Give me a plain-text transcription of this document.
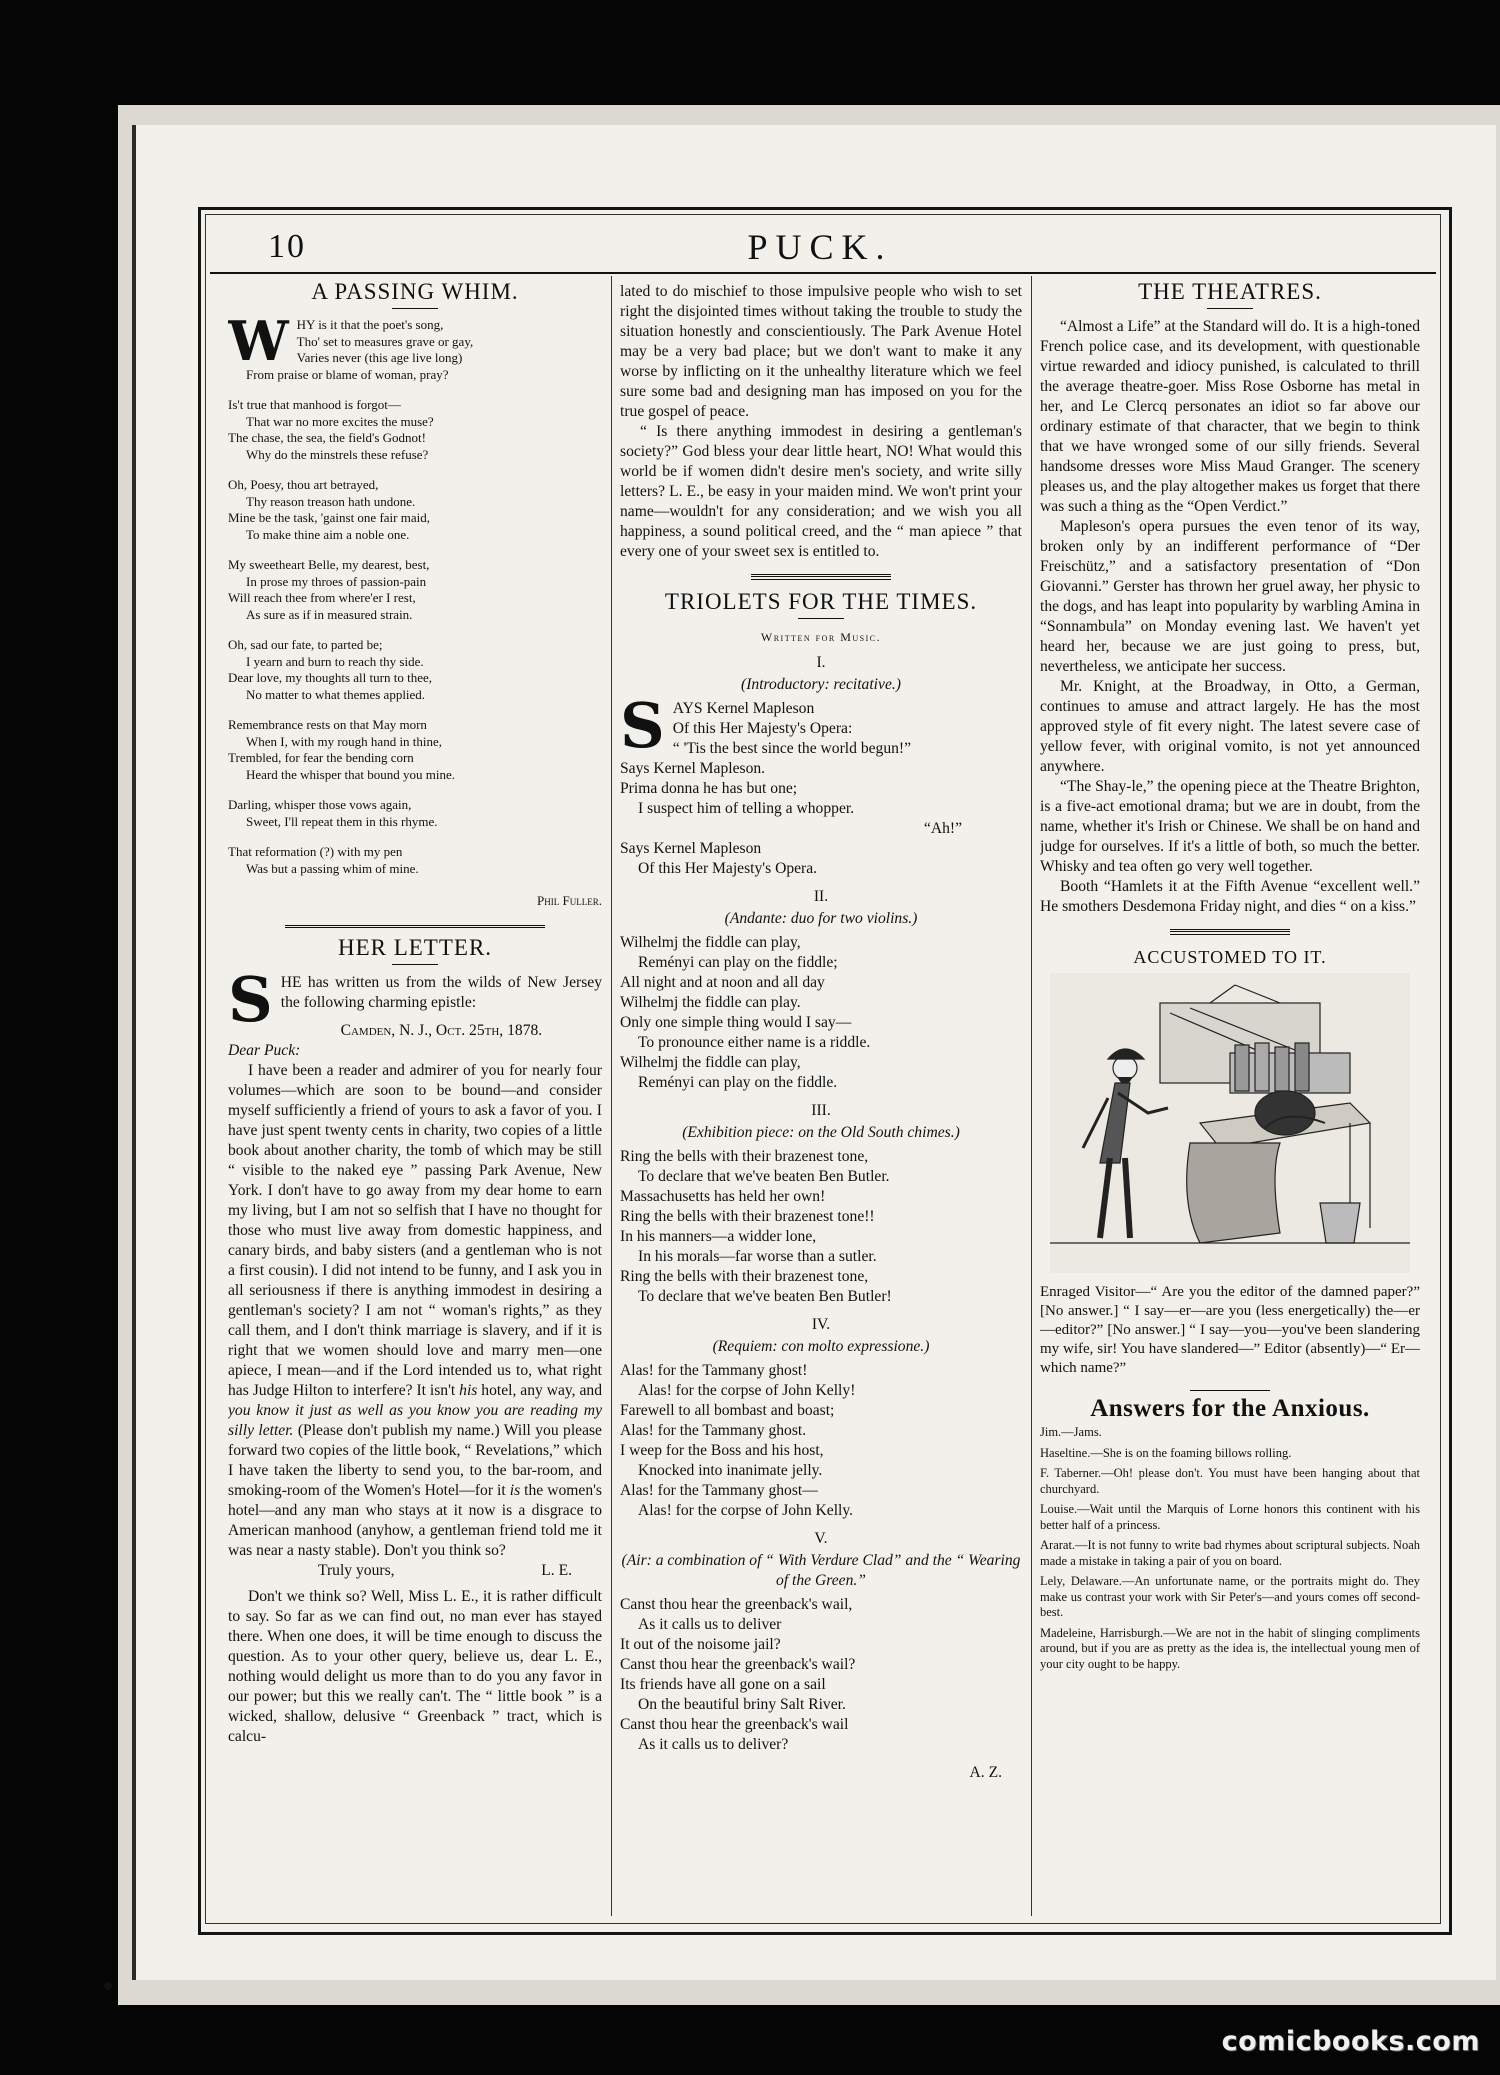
10	PUCK.
A PASSING WHIM.
W HY is it that the poet's song,
Tho' set to measures grave or gay,
Varies never (this age live long)
From praise or blame of woman, pray?
Is't true that manhood is forgot—
That war no more excites the muse?
The chase, the sea, the field's Godnot!
Why do the minstrels these refuse?
Oh, Poesy, thou art betrayed,
Thy reason treason hath undone.
Mine be the task, 'gainst one fair maid,
To make thine aim a noble one.
My sweetheart Belle, my dearest, best,
In prose my throes of passion-pain
Will reach thee from where'er I rest,
As sure as if in measured strain.
Oh, sad our fate, to parted be;
I yearn and burn to reach thy side.
Dear love, my thoughts all turn to thee,
No matter to what themes applied.
Remembrance rests on that May morn
When I, with my rough hand in thine,
Trembled, for fear the bending corn
Heard the whisper that bound you mine.
Darling, whisper those vows again,
Sweet, I'll repeat them in this rhyme.
That reformation (?) with my pen
Was but a passing whim of mine.
Phil Fuller.
HER LETTER.
S HE has written us from the wilds of New Jersey the following charming epistle:
Camden, N. J., Oct. 25th, 1878.
Dear Puck:

I have been a reader and admirer of you for nearly four volumes—which are soon to be bound—and consider myself sufficiently a friend of yours to ask a favor of you. I have just spent twenty cents in charity, two copies of a little book about another charity, the tomb of which may be still “ visible to the naked eye ” passing Park Avenue, New York. I don't have to go away from my dear home to earn my living, but I am not so selfish that I have no thought for those who must live away from domestic happiness, and canary birds, and baby sisters (and a gentleman who is not a first cousin). I did not intend to be funny, and I ask you in all seriousness if there is anything immodest in desiring a gentleman's society? I am not “ woman's rights,” as they call them, and I don't think marriage is slavery, and if it is right that we women should love and marry men—one apiece, I mean—and if the Lord intended us to, what right has Judge Hilton to interfere? It isn't his hotel, any way, and you know it just as well as you know you are reading my silly letter. (Please don't publish my name.) Will you please forward two copies of the little book, “ Revelations,” which I have taken the liberty to send you, to the bar-room, and smoking-room of the Women's Hotel—for it is the women's hotel—and any man who stays at it now is a disgrace to American manhood (anyhow, a gentleman friend told me it was near a nasty stable). Don't you think so?

Truly yours,	L. E.

Don't we think so? Well, Miss L. E., it is rather difficult to say. So far as we can find out, no man ever has stayed there. When one does, it will be time enough to discuss the question. As to your other query, believe us, dear L. E., nothing would delight us more than to do you any favor in our power; but this we really can't. The “ little book ” is a wicked, shallow, delusive “ Greenback ” tract, which is calcu-

lated to do mischief to those impulsive people who wish to set right the disjointed times without taking the trouble to study the situation honestly and conscientiously. The Park Avenue Hotel may be a very bad place; but we don't want to make it any worse by inflicting on it the unhealthy literature which we feel sure some bad and designing man has imposed on you for the true gospel of peace.

“ Is there anything immodest in desiring a gentleman's society?” God bless your dear little heart, NO! What would this world be if women didn't desire men's society, and write silly letters? L. E., be easy in your maiden mind. We won't print your name—wouldn't for any consideration; and we wish you all happiness, a sound political creed, and the “ man apiece ” that every one of your sweet sex is entitled to.

TRIOLETS FOR THE TIMES.
Written for Music.
I.
(Introductory: recitative.)
S AYS Kernel Mapleson
Of this Her Majesty's Opera:
“ 'Tis the best since the world begun!”
Says Kernel Mapleson.
Prima donna he has but one;
I suspect him of telling a whopper.
“Ah!”
Says Kernel Mapleson
Of this Her Majesty's Opera.
II.
(Andante: duo for two violins.)
Wilhelmj the fiddle can play,
Reményi can play on the fiddle;
All night and at noon and all day
Wilhelmj the fiddle can play.
Only one simple thing would I say—
To pronounce either name is a riddle.
Wilhelmj the fiddle can play,
Reményi can play on the fiddle.
III.
(Exhibition piece: on the Old South chimes.)
Ring the bells with their brazenest tone,
To declare that we've beaten Ben Butler.
Massachusetts has held her own!
Ring the bells with their brazenest tone!!
In his manners—a widder lone,
In his morals—far worse than a sutler.
Ring the bells with their brazenest tone,
To declare that we've beaten Ben Butler!
IV.
(Requiem: con molto expressione.)
Alas! for the Tammany ghost!
Alas! for the corpse of John Kelly!
Farewell to all bombast and boast;
Alas! for the Tammany ghost.
I weep for the Boss and his host,
Knocked into inanimate jelly.
Alas! for the Tammany ghost—
Alas! for the corpse of John Kelly.
V.
(Air: a combination of “ With Verdure Clad” and the “ Wearing of the Green.”
Canst thou hear the greenback's wail,
As it calls us to deliver
It out of the noisome jail?
Canst thou hear the greenback's wail?
Its friends have all gone on a sail
On the beautiful briny Salt River.
Canst thou hear the greenback's wail
As it calls us to deliver?
A. Z.
THE THEATRES.

“Almost a Life” at the Standard will do. It is a high-toned French police case, and its development, with questionable virtue rewarded and idiocy punished, is calculated to thrill the average theatre-goer. Miss Rose Osborne has metal in her, and Le Clercq personates an idiot so far above our ordinary estimate of that character, that we begin to think that we have wronged some of our silly friends. Several handsome dresses wore Miss Maud Granger. The scenery pleases us, and the play altogether makes us forget that there was such a thing as the “Open Verdict.”

Mapleson's opera pursues the even tenor of its way, broken only by an indifferent performance of “Der Freischütz,” and a satisfactory presentation of “Don Giovanni.” Gerster has thrown her gruel away, her physic to the dogs, and has leapt into popularity by warbling Amina in “Sonnambula” on Monday evening last. We haven't yet heard her, because we are just going to press, but, nevertheless, we anticipate her success.

Mr. Knight, at the Broadway, in Otto, a German, continues to amuse and attract largely. He has the most approved style of fit every night. The latest severe case of yellow fever, with original vomito, is not yet announced anywhere.

“The Shay-le,” the opening piece at the Theatre Brighton, is a five-act emotional drama; but we are in doubt, from the name, whether it's Irish or Chinese. We shall be on hand and judge for ourselves. If it's a little of both, so much the better. Whisky and tea often go very well together.

Booth “Hamlets it at the Fifth Avenue “excellent well.” He smothers Desdemona Friday night, and dies “ on a kiss.”

ACCUSTOMED TO IT.
Enraged Visitor—“ Are you the editor of the damned paper?” [No answer.] “ I say—er—are you (less energetically) the—er—editor?” [No answer.] “ I say—you—you've been slandering my wife, sir! You have slandered—” Editor (absently)—“ Er—which name?”
Answers for the Anxious.

Jim.—Jams.

Haseltine.—She is on the foaming billows rolling.

F. Taberner.—Oh! please don't. You must have been hanging about that churchyard.

Louise.—Wait until the Marquis of Lorne honors this continent with his better half of a princess.

Ararat.—It is not funny to write bad rhymes about scriptural subjects. Noah made a mistake in taking a pair of you on board.

Lely, Delaware.—An unfortunate name, or the portraits might do. They make us contrast your work with Sir Peter's—and yours comes off second-best.

Madeleine, Harrisburgh.—We are not in the habit of slinging compliments around, but if you are as pretty as the idea is, the intellectual young men of your city ought to be happy.

comicbooks.com
